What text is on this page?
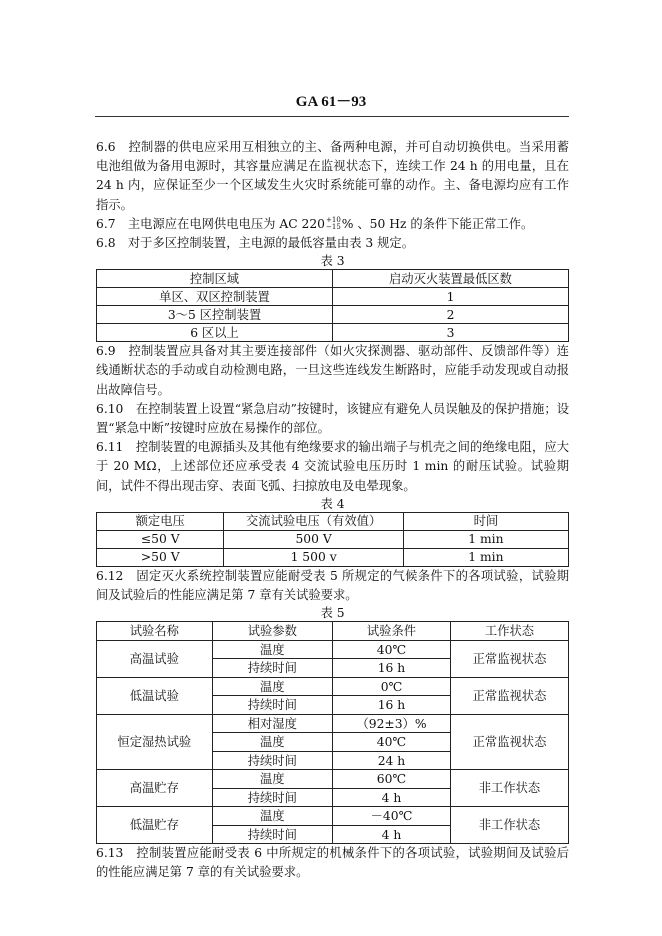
GA 61－93

6.6　控制器的供电应采用互相独立的主、备两种电源，并可自动切换供电。当采用蓄电池组做为备用电源时，其容量应满足在监视状态下，连续工作 24 h 的用电量，且在 24 h 内，应保证至少一个区域发生火灾时系统能可靠的动作。主、备电源均应有工作指示。

6.7　主电源应在电网供电电压为 AC 220 +10
−15 % 、50 Hz 的条件下能正常工作。

6.8　对于多区控制装置，主电源的最低容量由表 3 规定。

表 3

控制区域	启动灭火装置最低区数
单区、双区控制装置	1
3～5 区控制装置	2
6 区以上	3

6.9　控制装置应具备对其主要连接部件（如火灾探测器、驱动部件、反馈部件等）连线通断状态的手动或自动检测电路，一旦这些连线发生断路时，应能手动发现或自动报出故障信号。

6.10　在控制装置上设置“紧急启动”按键时，该键应有避免人员误触及的保护措施；设置“紧急中断”按键时应放在易操作的部位。

6.11　控制装置的电源插头及其他有绝缘要求的输出端子与机壳之间的绝缘电阻，应大于 20 MΩ，上述部位还应承受表 4 交流试验电压历时 1 min 的耐压试验。试验期间，试件不得出现击穿、表面飞弧、扫掠放电及电晕现象。

表 4

额定电压	交流试验电压（有效值）	时间
≤50 V	500 V	1 min
>50 V	1 500 v	1 min

6.12　固定灭火系统控制装置应能耐受表 5 所规定的气候条件下的各项试验，试验期间及试验后的性能应满足第 7 章有关试验要求。

表 5

试验名称	试验参数	试验条件	工作状态
高温试验	温度	40℃	正常监视状态
	持续时间	16 h	
低温试验	温度	0℃	正常监视状态
	持续时间	16 h	
恒定湿热试验	相对湿度	（92±3）%	正常监视状态
	温度	40℃	
	持续时间	24 h	
高温贮存	温度	60℃	非工作状态
	持续时间	4 h	
低温贮存	温度	－40℃	非工作状态
	持续时间	4 h	

6.13　控制装置应能耐受表 6 中所规定的机械条件下的各项试验，试验期间及试验后的性能应满足第 7 章的有关试验要求。
